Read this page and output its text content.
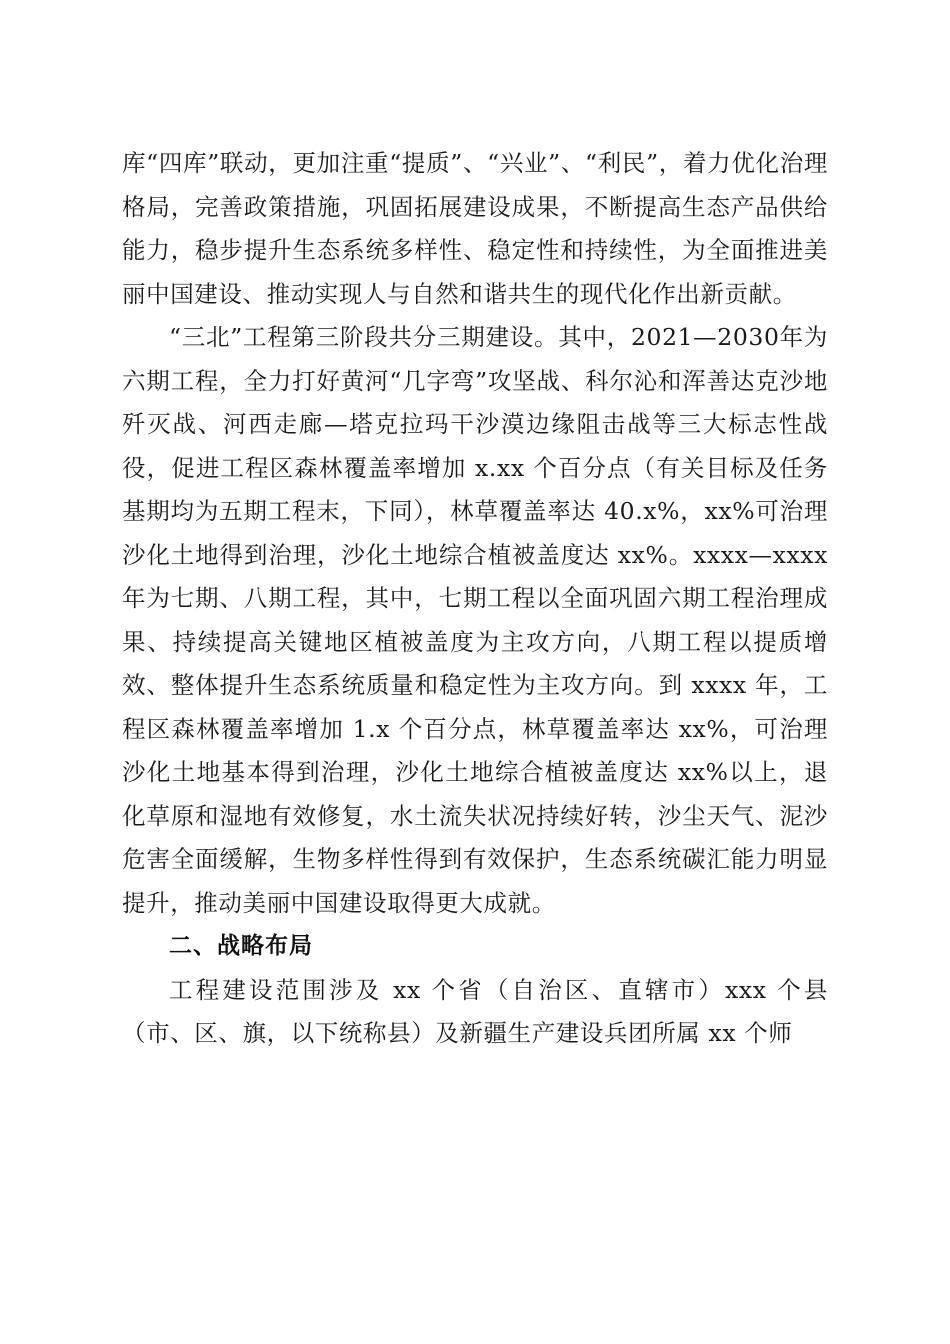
库“四库”联动，更加注重“提质”、“兴业”、“利民”，着力优化治理格局，完善政策措施，巩固拓展建设成果，不断提高生态产品供给能力，稳步提升生态系统多样性、稳定性和持续性，为全面推进美丽中国建设、推动实现人与自然和谐共生的现代化作出新贡献。

“三北”工程第三阶段共分三期建设。其中，2021—2030年为六期工程，全力打好黄河“几字弯”攻坚战、科尔沁和浑善达克沙地歼灭战、河西走廊—塔克拉玛干沙漠边缘阻击战等三大标志性战役，促进工程区森林覆盖率增加 x.xx 个百分点（有关目标及任务基期均为五期工程末，下同），林草覆盖率达 40.x%，xx%可治理沙化土地得到治理，沙化土地综合植被盖度达 xx%。xxxx—xxxx 年为七期、八期工程，其中，七期工程以全面巩固六期工程治理成果、持续提高关键地区植被盖度为主攻方向，八期工程以提质增效、整体提升生态系统质量和稳定性为主攻方向。到 xxxx 年，工程区森林覆盖率增加 1.x 个百分点，林草覆盖率达 xx%，可治理沙化土地基本得到治理，沙化土地综合植被盖度达 xx%以上，退化草原和湿地有效修复，水土流失状况持续好转，沙尘天气、泥沙危害全面缓解，生物多样性得到有效保护，生态系统碳汇能力明显提升，推动美丽中国建设取得更大成就。

二、战略布局

工程建设范围涉及 xx 个省（自治区、直辖市）xxx 个县（市、区、旗，以下统称县）及新疆生产建设兵团所属 xx 个师
